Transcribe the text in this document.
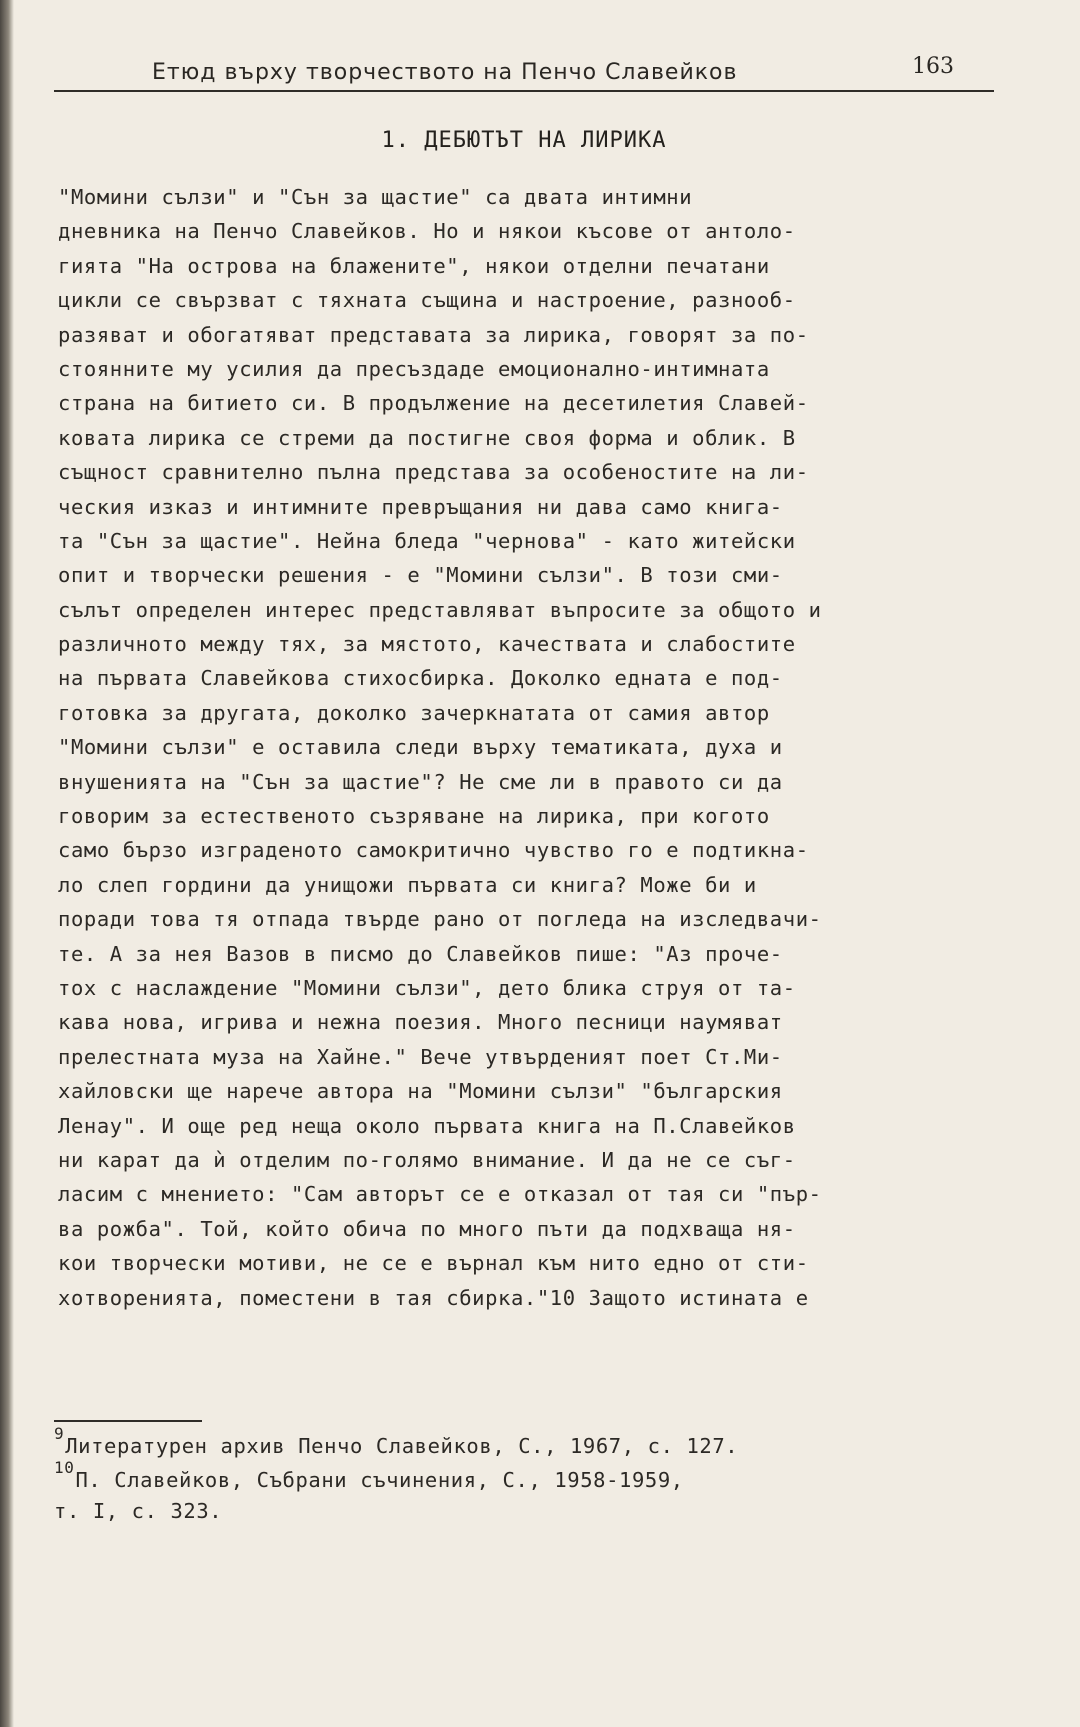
Етюд върху творчеството на Пенчо Славейков	163
1. ДЕБЮТЪТ НА ЛИРИКА
"Момини сълзи" и "Сън за щастие" са двата интимни
дневника на Пенчо Славейков. Но и някои късове от антоло-
гията "На острова на блажените", някои отделни печатани
цикли се свързват с тяхната същина и настроение, разнооб-
разяват и обогатяват представата за лирика, говорят за по-
стоянните му усилия да пресъздаде емоционално-интимната
страна на битието си. В продължение на десетилетия Славей-
ковата лирика се стреми да постигне своя форма и облик. В
същност сравнително пълна представа за особеностите на ли-
ческия изказ и интимните превръщания ни дава само книга-
та "Сън за щастие". Нейна бледа "чернова" - като житейски
опит и творчески решения - е "Момини сълзи". В този сми-
сълът определен интерес представляват въпросите за общото и
различното между тях, за мястото, качествата и слабостите
на първата Славейкова стихосбирка. Доколко едната е под-
готовка за другата, доколко зачеркнатата от самия автор
"Момини сълзи" е оставила следи върху тематиката, духа и
внушенията на "Сън за щастие"? Не сме ли в правото си да
говорим за естественото съзряване на лирика, при когото
само бързо изграденото самокритично чувство го е подтикна-
ло слеп гордини да унищожи първата си книга? Може би и
поради това тя отпада твърде рано от погледа на изследвачи-
те. А за нея Вазов в писмо до Славейков пише: "Аз проче-
тох с наслаждение "Момини сълзи", дето блика струя от та-
кава нова, игрива и нежна поезия. Много песници наумяват
прелестната муза на Хайне." Вече утвърденият поет Ст.Ми-
хайловски ще нарече автора на "Момини сълзи" "българския
Ленау". И още ред неща около първата книга на П.Славейков
ни карат да ѝ отделим по-голямо внимание. И да не се съг-
ласим с мнението: "Сам авторът се е отказал от тая си "пър-
ва рожба". Той, който обича по много пъти да подхваща ня-
кои творчески мотиви, не се е върнал към нито едно от сти-
хотворенията, поместени в тая сбирка."10 Защото истината е
9Литературен архив Пенчо Славейков, С., 1967, с. 127.
10П. Славейков, Събрани съчинения, С., 1958-1959,
т. I, с. 323.
